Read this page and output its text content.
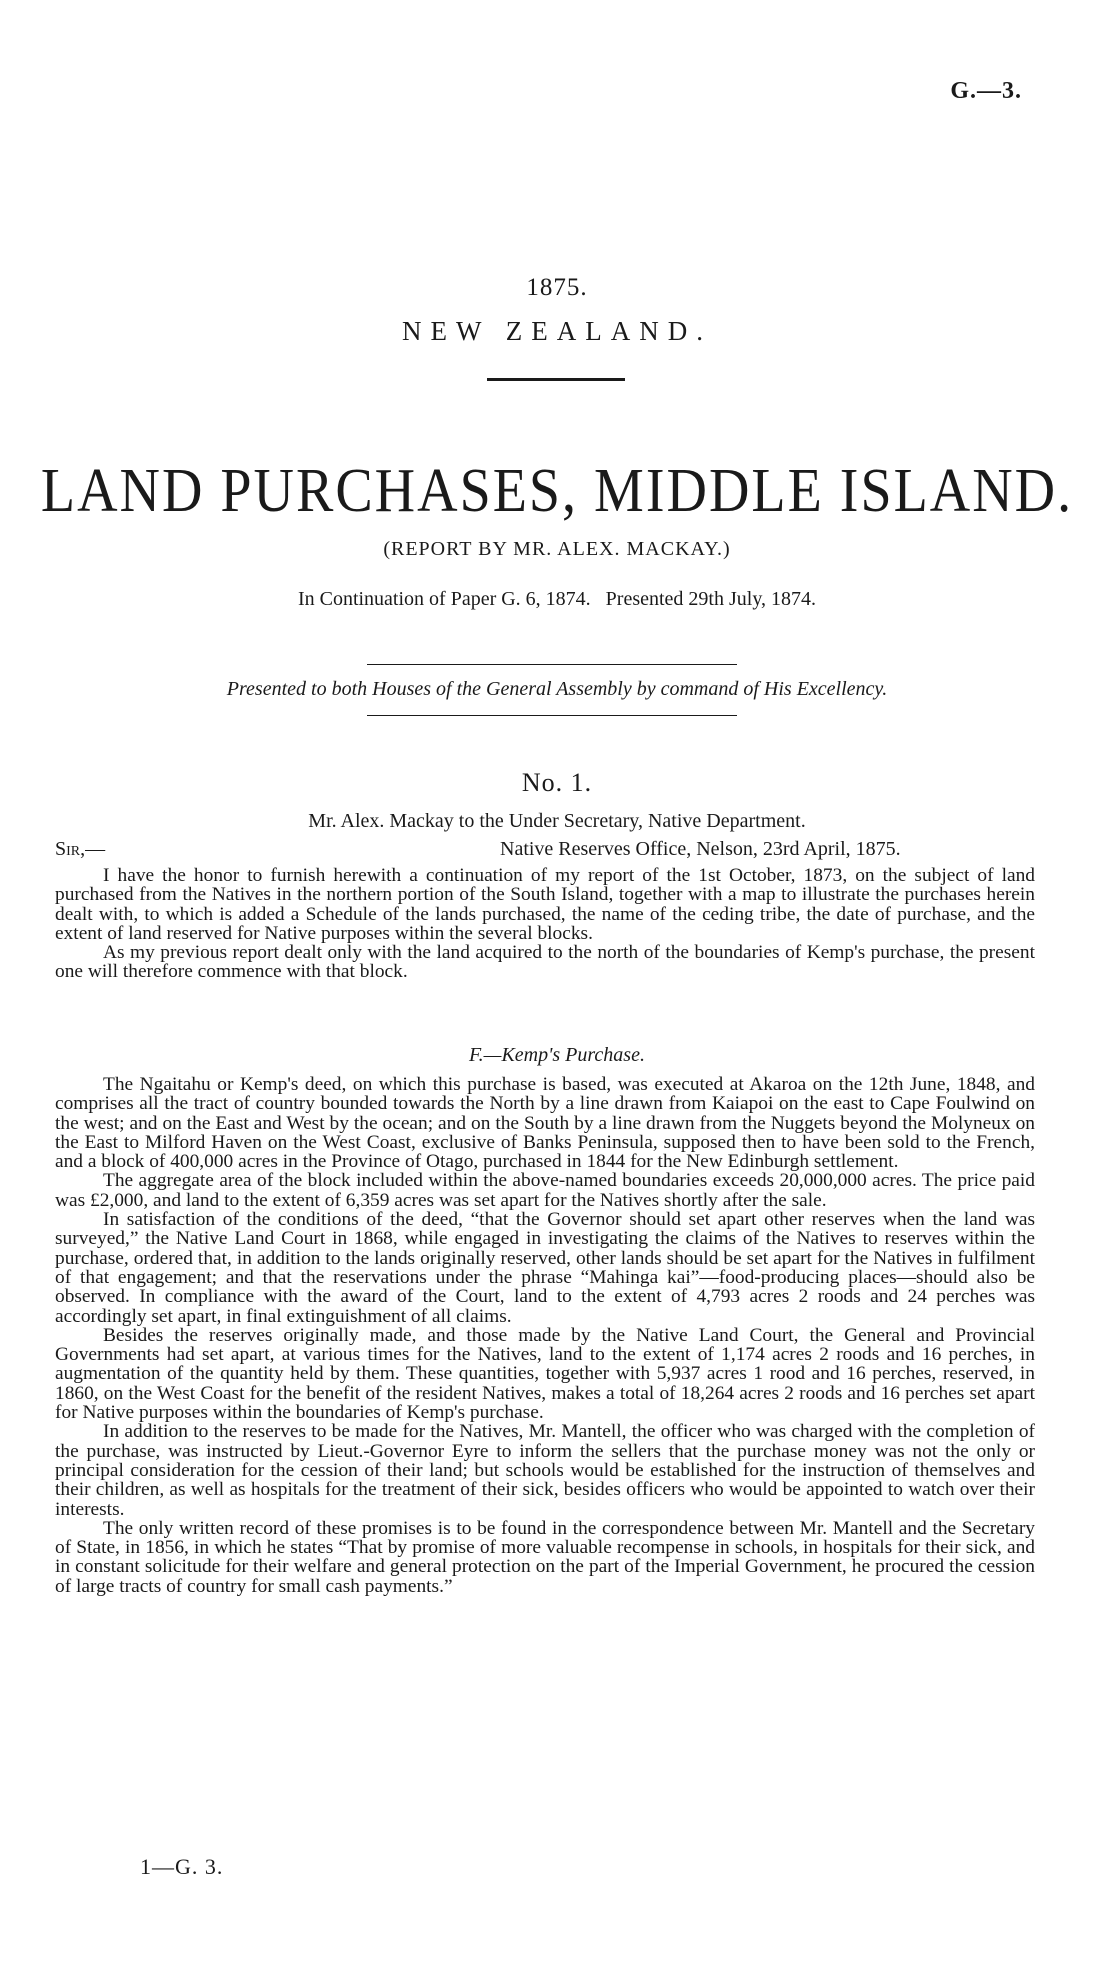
G.—3.
1875.
NEW ZEALAND.
LAND PURCHASES, MIDDLE ISLAND.
(REPORT BY MR. ALEX. MACKAY.)
In Continuation of Paper G. 6, 1874.   Presented 29th July, 1874.
Presented to both Houses of the General Assembly by command of His Excellency.
No. 1.
Mr. Alex. Mackay to the Under Secretary, Native Department.
Sir,—	Native Reserves Office, Nelson, 23rd April, 1875.

I have the honor to furnish herewith a continuation of my report of the 1st October, 1873, on the subject of land purchased from the Natives in the northern portion of the South Island, together with a map to illustrate the purchases herein dealt with, to which is added a Schedule of the lands purchased, the name of the ceding tribe, the date of purchase, and the extent of land reserved for Native purposes within the several blocks.

As my previous report dealt only with the land acquired to the north of the boundaries of Kemp's purchase, the present one will therefore commence with that block.

F.—Kemp's Purchase.

The Ngaitahu or Kemp's deed, on which this purchase is based, was executed at Akaroa on the 12th June, 1848, and comprises all the tract of country bounded towards the North by a line drawn from Kaiapoi on the east to Cape Foulwind on the west; and on the East and West by the ocean; and on the South by a line drawn from the Nuggets beyond the Molyneux on the East to Milford Haven on the West Coast, exclusive of Banks Peninsula, supposed then to have been sold to the French, and a block of 400,000 acres in the Province of Otago, purchased in 1844 for the New Edinburgh settlement.

The aggregate area of the block included within the above-named boundaries exceeds 20,000,000 acres. The price paid was £2,000, and land to the extent of 6,359 acres was set apart for the Natives shortly after the sale.

In satisfaction of the conditions of the deed, “that the Governor should set apart other reserves when the land was surveyed,” the Native Land Court in 1868, while engaged in investigating the claims of the Natives to reserves within the purchase, ordered that, in addition to the lands originally reserved, other lands should be set apart for the Natives in fulfilment of that engagement; and that the reservations under the phrase “Mahinga kai”—food-producing places—should also be observed. In compliance with the award of the Court, land to the extent of 4,793 acres 2 roods and 24 perches was accordingly set apart, in final extinguishment of all claims.

Besides the reserves originally made, and those made by the Native Land Court, the General and Provincial Governments had set apart, at various times for the Natives, land to the extent of 1,174 acres 2 roods and 16 perches, in augmentation of the quantity held by them. These quantities, together with 5,937 acres 1 rood and 16 perches, reserved, in 1860, on the West Coast for the benefit of the resident Natives, makes a total of 18,264 acres 2 roods and 16 perches set apart for Native purposes within the boundaries of Kemp's purchase.

In addition to the reserves to be made for the Natives, Mr. Mantell, the officer who was charged with the completion of the purchase, was instructed by Lieut.-Governor Eyre to inform the sellers that the purchase money was not the only or principal consideration for the cession of their land; but schools would be established for the instruction of themselves and their children, as well as hospitals for the treatment of their sick, besides officers who would be appointed to watch over their interests.

The only written record of these promises is to be found in the correspondence between Mr. Mantell and the Secretary of State, in 1856, in which he states “That by promise of more valuable recompense in schools, in hospitals for their sick, and in constant solicitude for their welfare and general protection on the part of the Imperial Government, he procured the cession of large tracts of country for small cash payments.”

1—G. 3.
